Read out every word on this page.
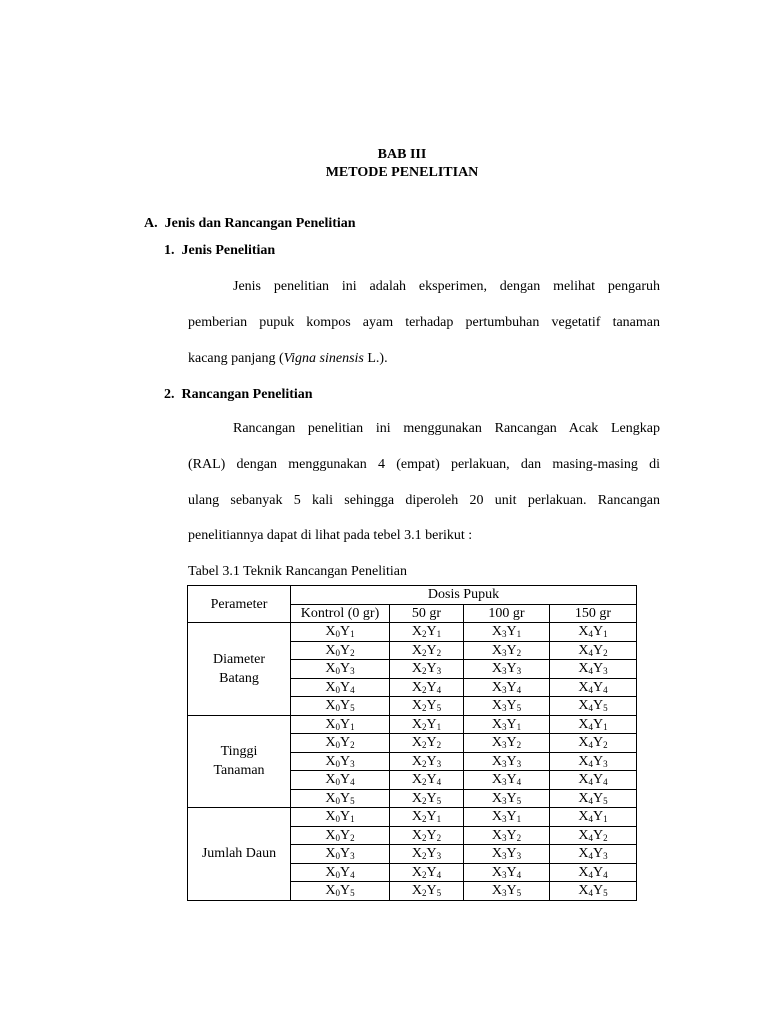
BAB III
METODE PENELITIAN
A.  Jenis dan Rancangan Penelitian
1.  Jenis Penelitian
Jenis penelitian ini adalah eksperimen, dengan melihat pengaruh
pemberian pupuk kompos ayam terhadap pertumbuhan vegetatif tanaman
kacang panjang (Vigna sinensis L.).
2.  Rancangan Penelitian
Rancangan penelitian ini menggunakan Rancangan Acak Lengkap
(RAL) dengan menggunakan 4 (empat) perlakuan, dan masing-masing di
ulang sebanyak 5 kali sehingga diperoleh 20 unit perlakuan. Rancangan
penelitiannya dapat di lihat pada tebel 3.1 berikut :
Tabel 3.1 Teknik Rancangan Penelitian
Perameter	Dosis Pupuk			
	Kontrol (0 gr)	50 gr	100 gr	150 gr
Diameter
Batang	$X_0Y_1$	$X_2Y_1$	$X_3Y_1$	$X_4Y_1$
	$X_0Y_2$	$X_2Y_2$	$X_3Y_2$	$X_4Y_2$
	$X_0Y_3$	$X_2Y_3$	$X_3Y_3$	$X_4Y_3$
	$X_0Y_4$	$X_2Y_4$	$X_3Y_4$	$X_4Y_4$
	$X_0Y_5$	$X_2Y_5$	$X_3Y_5$	$X_4Y_5$
Tinggi
Tanaman	$X_0Y_1$	$X_2Y_1$	$X_3Y_1$	$X_4Y_1$
	$X_0Y_2$	$X_2Y_2$	$X_3Y_2$	$X_4Y_2$
	$X_0Y_3$	$X_2Y_3$	$X_3Y_3$	$X_4Y_3$
	$X_0Y_4$	$X_2Y_4$	$X_3Y_4$	$X_4Y_4$
	$X_0Y_5$	$X_2Y_5$	$X_3Y_5$	$X_4Y_5$
Jumlah Daun	$X_0Y_1$	$X_2Y_1$	$X_3Y_1$	$X_4Y_1$
	$X_0Y_2$	$X_2Y_2$	$X_3Y_2$	$X_4Y_2$
	$X_0Y_3$	$X_2Y_3$	$X_3Y_3$	$X_4Y_3$
	$X_0Y_4$	$X_2Y_4$	$X_3Y_4$	$X_4Y_4$
	$X_0Y_5$	$X_2Y_5$	$X_3Y_5$	$X_4Y_5$
